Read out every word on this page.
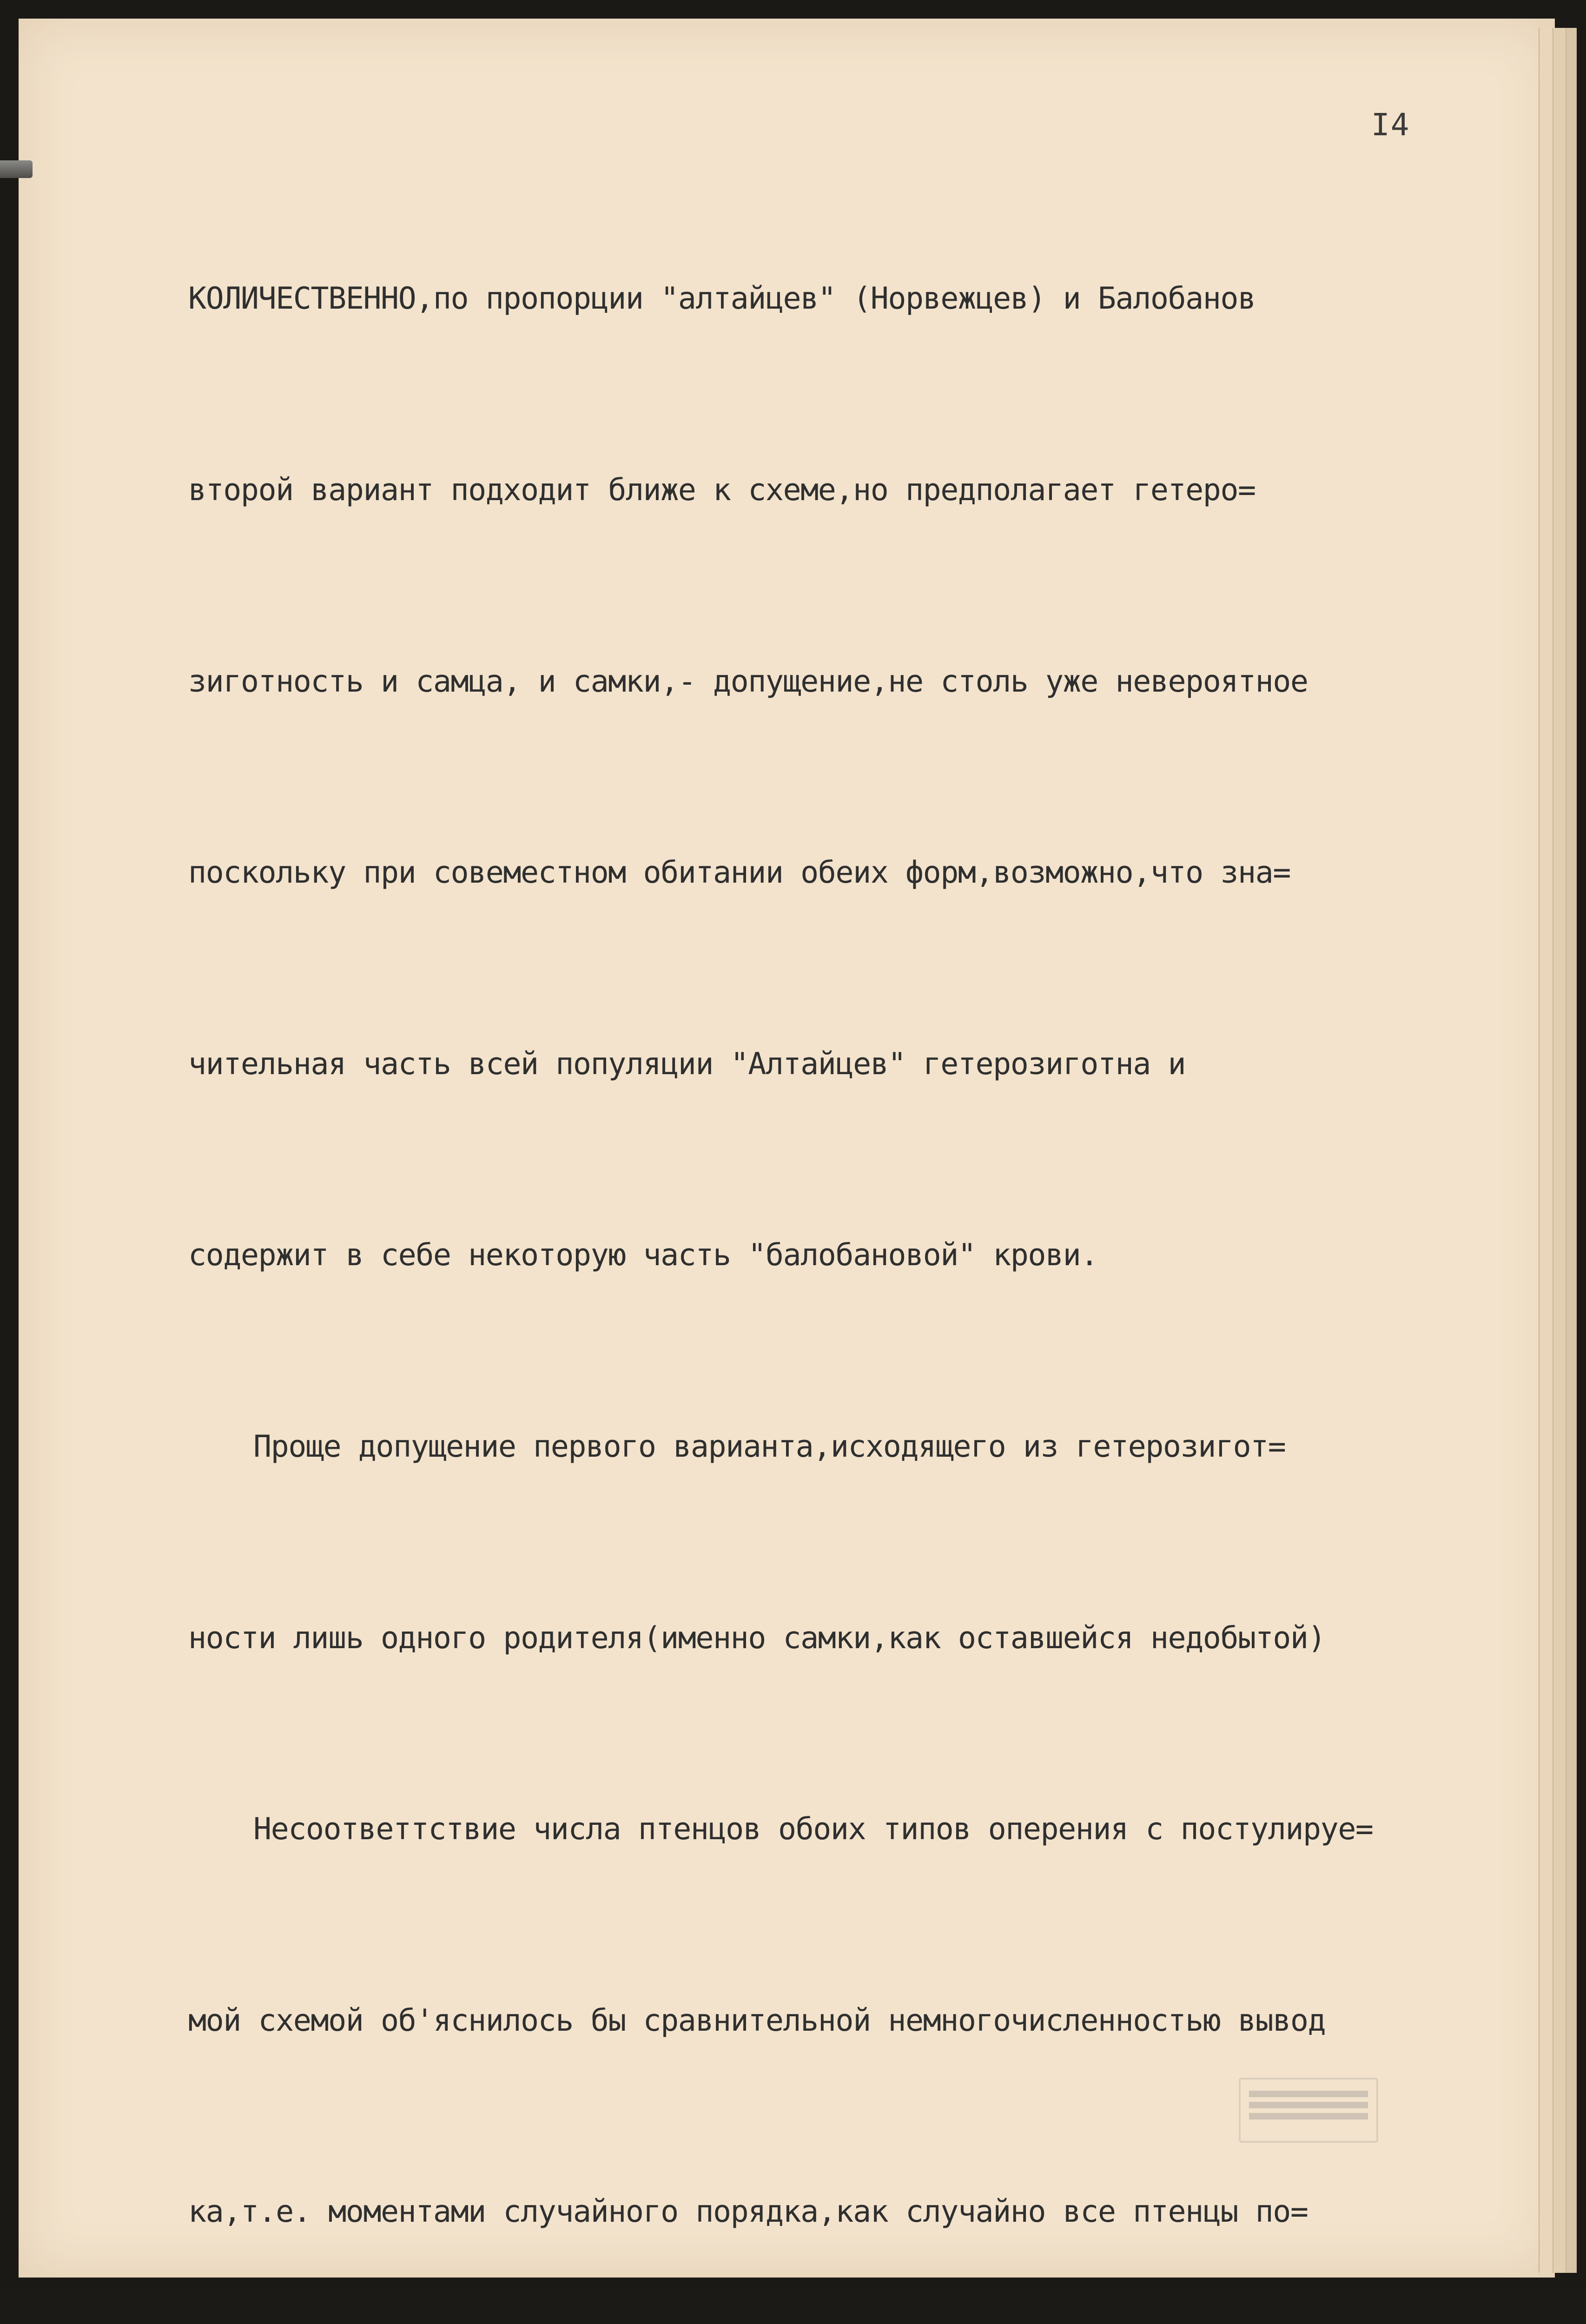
I4

КОЛИЧЕСТВЕННО,по пропорции "алтайцев" (Норвежцев) и Балобанов

второй вариант подходит ближе к схеме,но предполагает гетеро=

зиготность и самца, и самки,- допущение,не столь уже невероятное

поскольку при совеместном обитании обеих форм,возможно,что зна=

чительная часть всей популяции "Алтайцев" гетерозиготна и

содержит в себе некоторую часть "балобановой" крови.

Проще допущение первого варианта,исходящего из гетерозигот=

ности лишь одного родителя(именно самки,как оставшейся недобытой)

Несоответтствие числа птенцов обоих типов оперения с постулируе=

мой схемой об'яснилось бы сравнительной немногочисленностью вывод

ка,т.е. моментами случайного порядка,как случайно все птенцы по=
